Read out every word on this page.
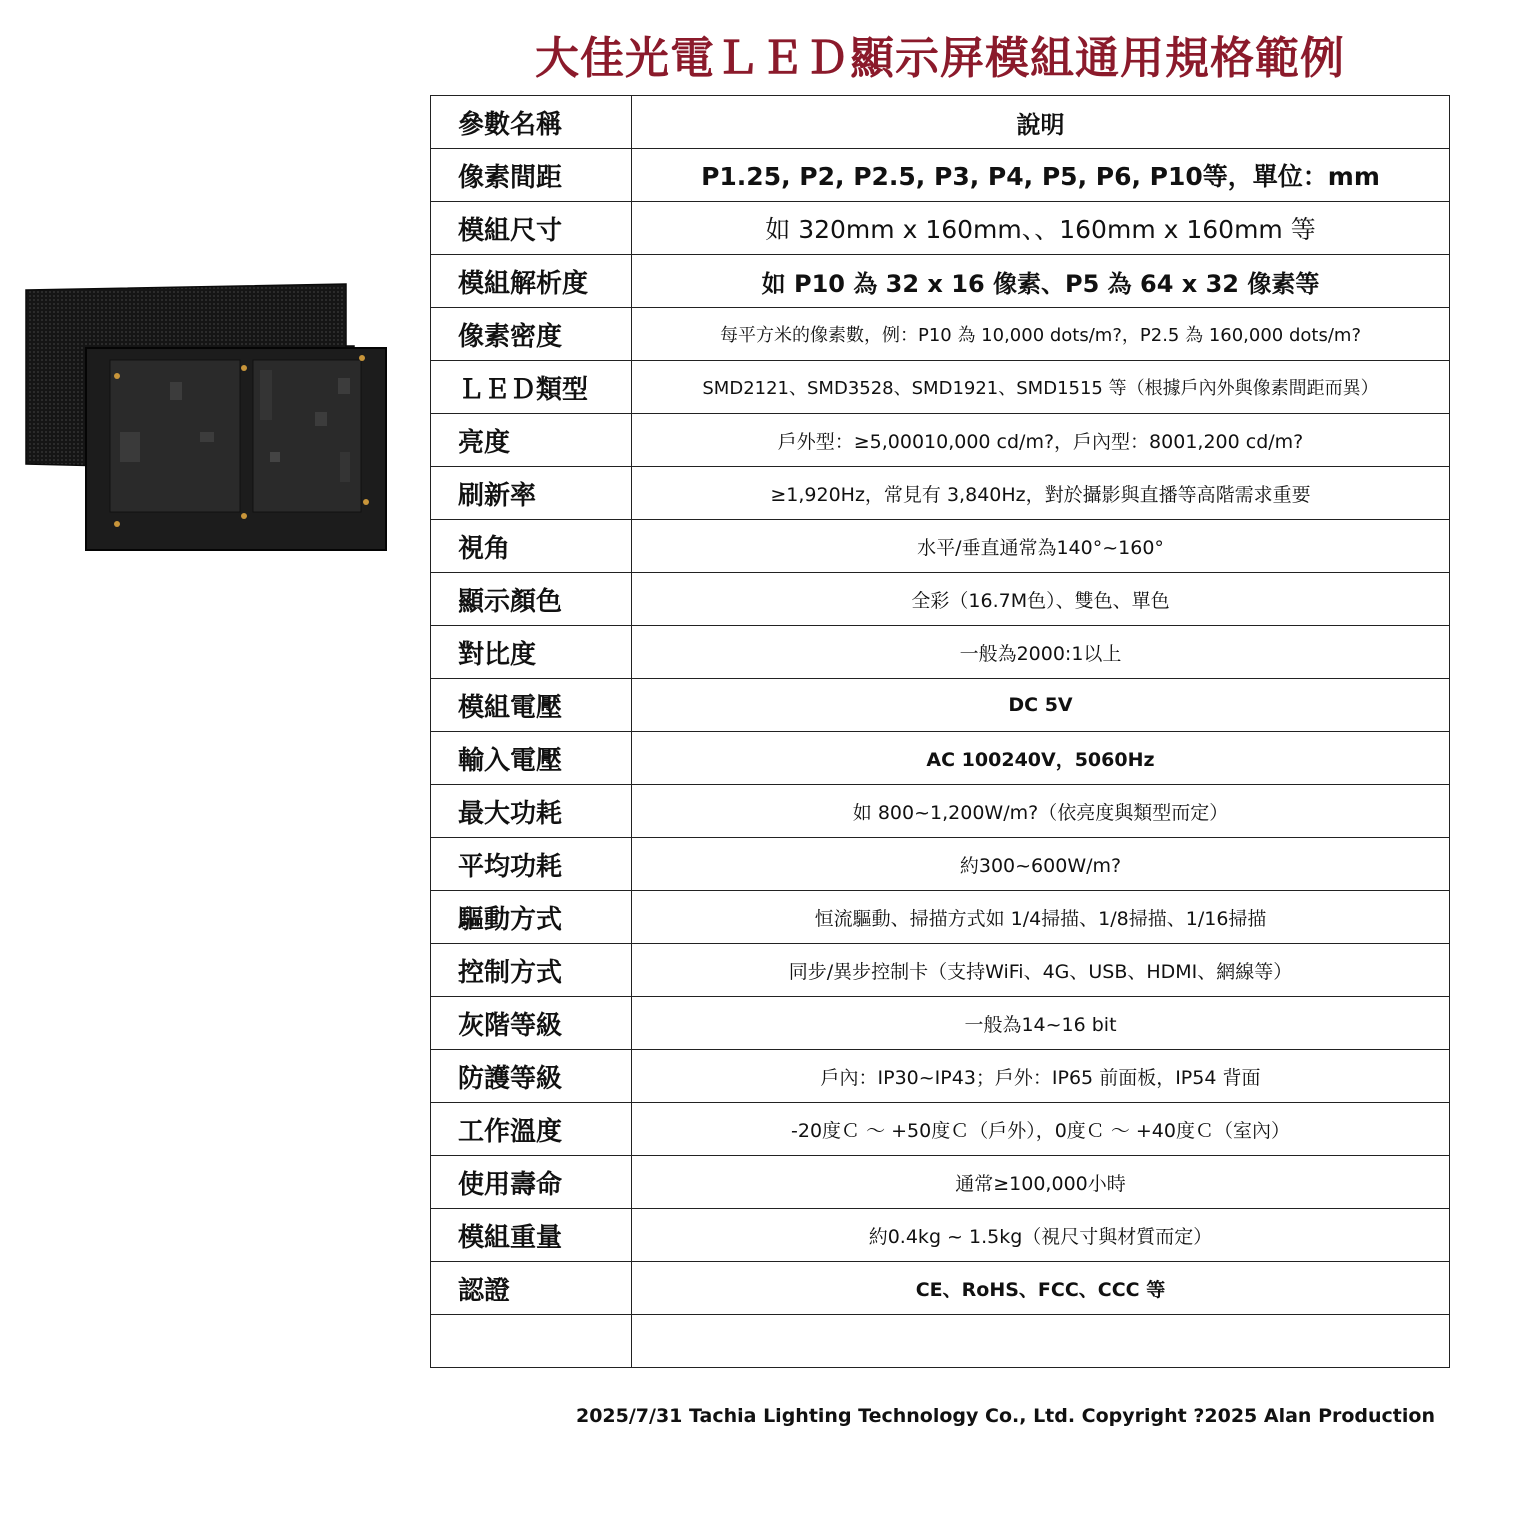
大佳光電ＬＥＤ顯示屏模組通用規格範例
參數名稱	說明
像素間距	P1.25, P2, P2.5, P3, P4, P5, P6, P10等，單位：mm
模組尺寸	如 320mm x 160mm、、160mm x 160mm 等
模組解析度	如 P10 為 32 x 16 像素、P5 為 64 x 32 像素等
像素密度	每平方米的像素數，例：P10 為 10,000 dots/m?，P2.5 為 160,000 dots/m?
ＬＥＤ類型	SMD2121、SMD3528、SMD1921、SMD1515 等（根據戶內外與像素間距而異）
亮度	戶外型：≥5,00010,000 cd/m?，戶內型：8001,200 cd/m?
刷新率	≥1,920Hz，常見有 3,840Hz，對於攝影與直播等高階需求重要
視角	水平/垂直通常為140°~160°
顯示顏色	全彩（16.7M色）、雙色、單色
對比度	一般為2000:1以上
模組電壓	DC 5V
輸入電壓	AC 100240V，5060Hz
最大功耗	如 800~1,200W/m?（依亮度與類型而定）
平均功耗	約300~600W/m?
驅動方式	恒流驅動、掃描方式如 1/4掃描、1/8掃描、1/16掃描
控制方式	同步/異步控制卡（支持WiFi、4G、USB、HDMI、網線等）
灰階等級	一般為14~16 bit
防護等級	戶內：IP30~IP43；戶外：IP65 前面板，IP54 背面
工作溫度	-20度Ｃ ～ +50度Ｃ（戶外），0度Ｃ ～ +40度Ｃ（室內）
使用壽命	通常≥100,000小時
模組重量	約0.4kg ~ 1.5kg（視尺寸與材質而定）
認證	CE、RoHS、FCC、CCC 等

2025/7/31 Tachia Lighting Technology Co., Ltd. Copyright ?2025 Alan Production
